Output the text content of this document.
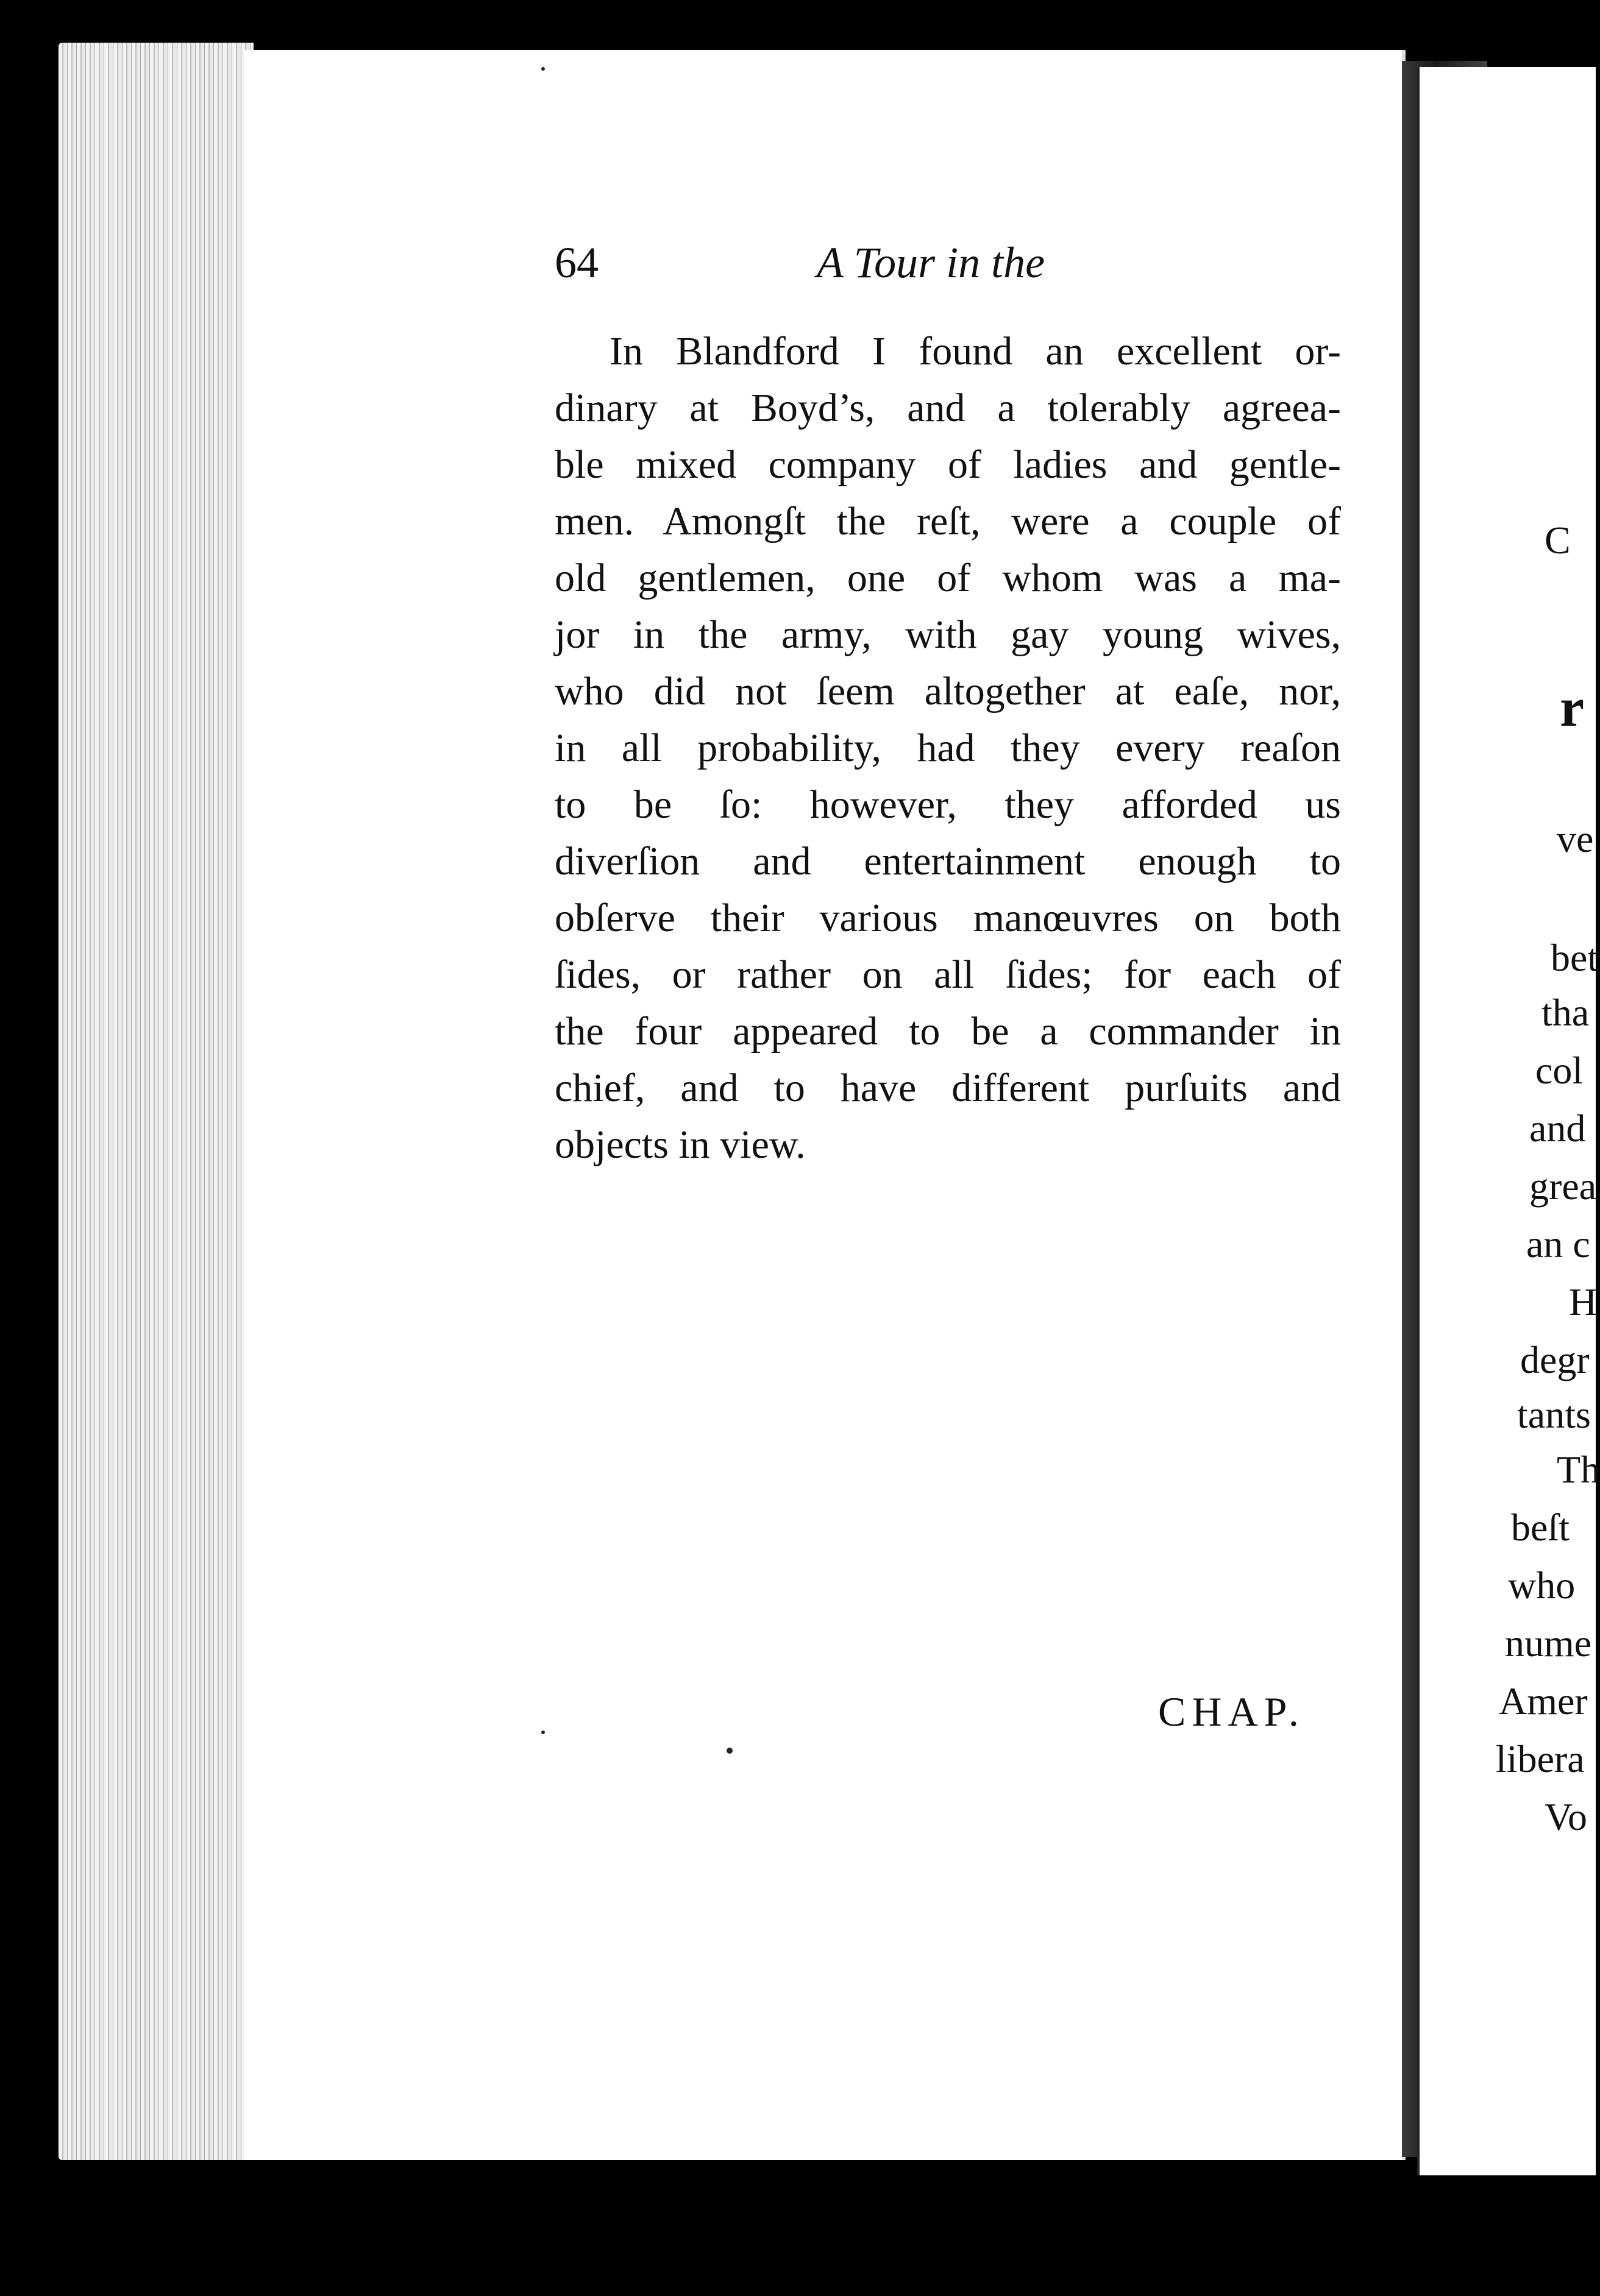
C
r
ve
bet
tha
col
and
grea
an c
H
degr
tants
Th
beſt
who
nume
Amer
libera
Vo
64	A Tour in the
In Blandford I found an excellent or-
dinary at Boyd’s, and a tolerably agreea-
ble mixed company of ladies and gentle-
men. Amongſt the reſt, were a couple of
old gentlemen, one of whom was a ma-
jor in the army, with gay young wives,
who did not ſeem altogether at eaſe, nor,
in all probability, had they every reaſon
to be ſo: however, they afforded us
diverſion and entertainment enough to
obſerve their various manœuvres on both
ſides, or rather on all ſides; for each of
the four appeared to be a commander in
chief, and to have different purſuits and
objects in view.
CHAP.
